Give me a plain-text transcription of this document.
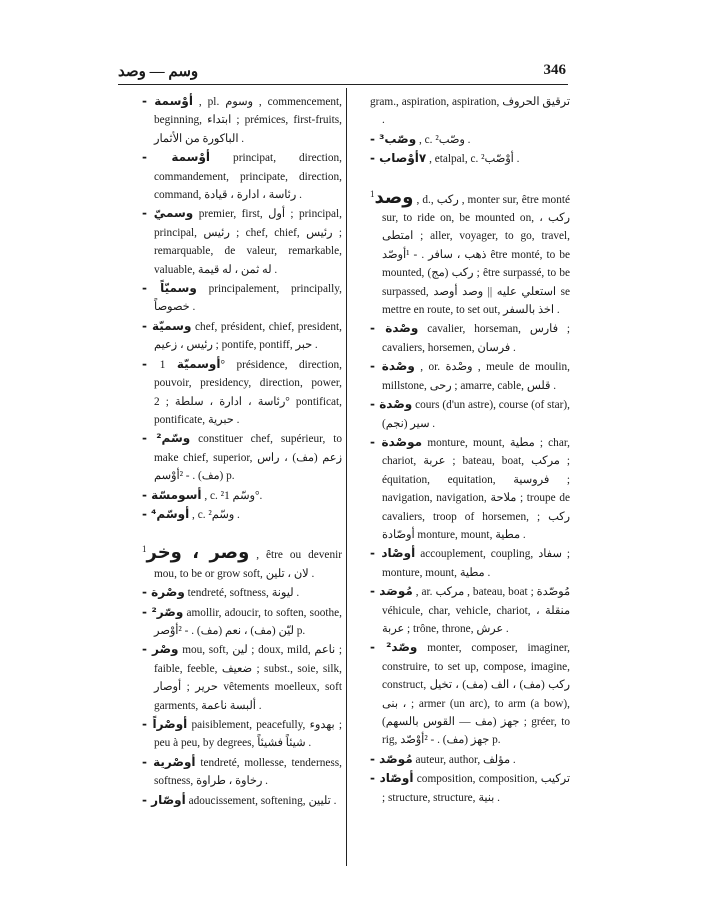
وسم — وصد	346

- أوْسمة , pl. وسوم , commencement, beginning, ابتداء ; prémices, first-fruits, الباكورة من الأثمار .

- أوْسمة principat, direction, commandement, principate, direction, command, رئاسة ، ادارة ، قيادة .

- وسميّ premier, first, أول ; principal, principal, رئيس ; chef, chief, رئيس ; remarquable, de valeur, remarkable, valuable, له ثمن ، له قيمة .

- وسميّاً principalement, principally, خصوصاً .

- وسميّة chef, président, chief, president, رئيس ، زعيم ; pontife, pontiff, حبر .

- أوسميّة 1° présidence, direction, pouvoir, presidency, direction, power, رئاسة ، ادارة ، سلطة ; 2° pontificat, pontificate, حبرية .

- ²وسّم constituer chef, supérieur, to make chief, superior, زعم (مف) ، راس (مف) . - ²أوْسم p.

- أسومسّة , c. ²وسّم 1°.

- ⁴أوسّم , c. ²وسّم .

$^1$وصر ، وخر , être ou devenir mou, to be or grow soft, لان ، تلين .

- وصْرة tendreté, softness, ليونة .

- ²وصّر amollir, adoucir, to soften, soothe, ليّن (مف) ، نعم (مف) . - ²أوْصر p.

- وصْر mou, soft, لين ; doux, mild, ناعم ; faible, feeble, ضعيف ; subst., soie, silk, حرير ; أوصار vêtements moelleux, soft garments, ألبسة ناعمة .

- أوصْراً paisiblement, peacefully, بهدوء ; peu à peu, by degrees, شيئاً فشيئاً .

- أوصْرية tendreté, mollesse, tenderness, softness, رخاوة ، طراوة .

- أوصّار adoucissement, softening, تليين .

gram., aspiration, aspiration, ترقيق الحروف .

- ³وصّب , c. ²وصّب .

- ٧أوْصاب , etalpal, c. ²أوْصّب .

$^1$وصد , d., ركب , monter sur, être monté sur, to ride on, be mounted on, ركب ، امتطى ; aller, voyager, to go, travel, ذهب ، سافر . - ¹أوصّد être monté, to be mounted, ركب (مج) ; être surpassé, to be surpassed, استعلي عليه || وصد أوصد se mettre en route, to set out, اخذ بالسفر .

- وصْدة cavalier, horseman, فارس ; cavaliers, horsemen, فرسان .

- وصْدة , or. وصْدة , meule de moulin, millstone, رحى ; amarre, cable, قلس .

- وصْدة cours (d'un astre), course (of star), سير (نجم) .

- موصْدة monture, mount, مطية ; char, chariot, عربة ; bateau, boat, مركب ; équitation, equitation, فروسية ; navigation, navigation, ملاحة ; troupe de cavaliers, troop of horsemen, ركب ; أوصّادة monture, mount, مطية .

- أوصْاد accouplement, coupling, سفاد ; monture, mount, مطية .

- مُوصَد , ar. مركب , bateau, boat ; مُوصّدة véhicule, char, vehicle, chariot, منقلة ، عربة ; trône, throne, عرش .

- ²وصّد monter, composer, imaginer, construire, to set up, compose, imagine, construct, ركب (مف) ، الف (مف) ، تخيل ، بنى ; armer (un arc), to arm (a bow), جهز (مف — القوس بالسهم) ; gréer, to rig, جهز (مف) . - ²أوْصّد p.

- مُوصّد auteur, author, مؤلف .

- أوصّاد composition, composition, تركيب ; structure, structure, بنية .
